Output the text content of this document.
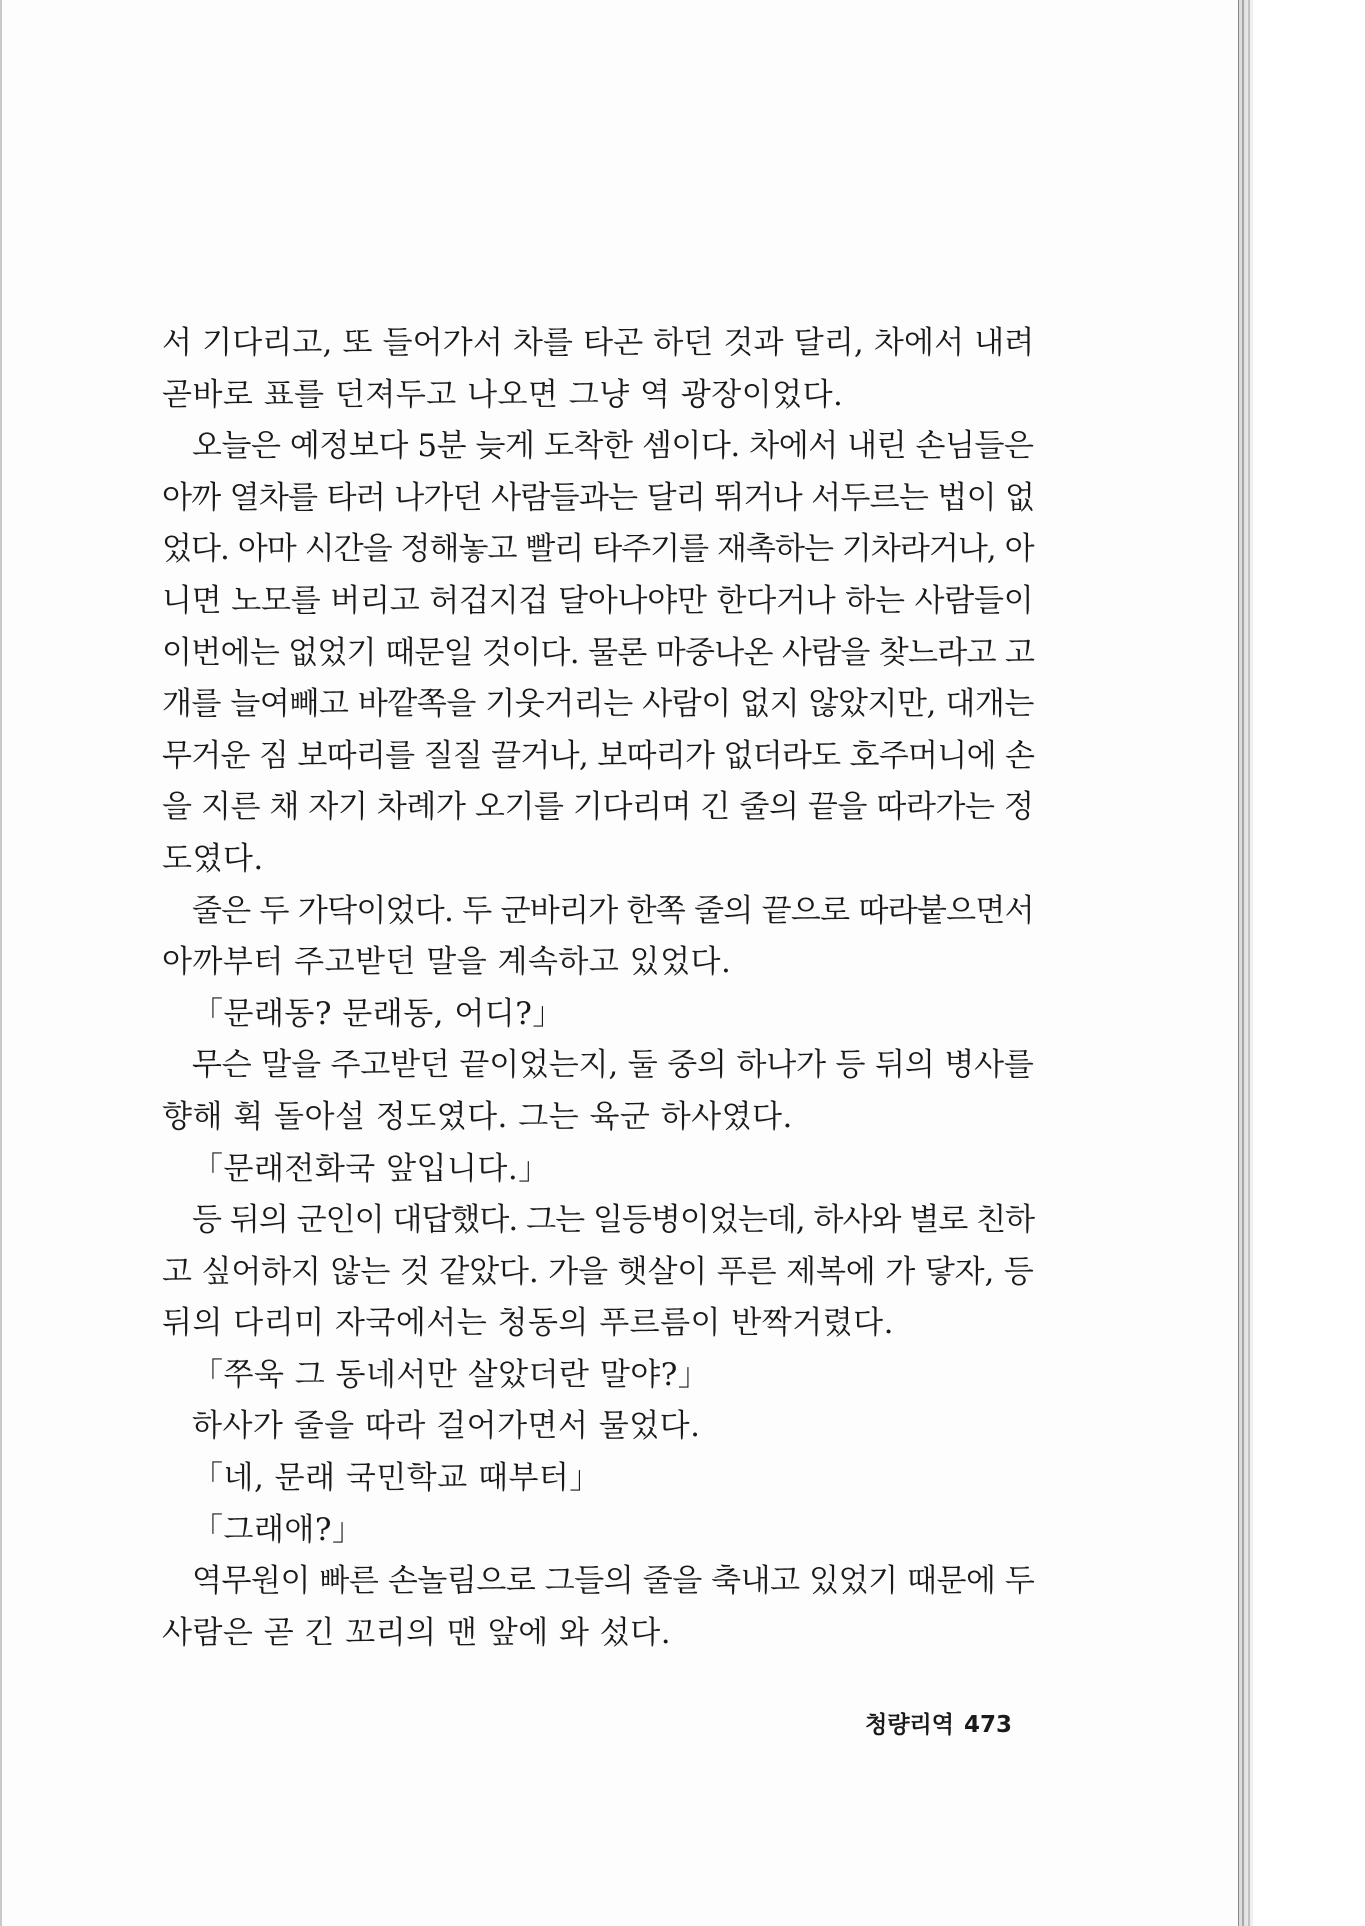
서 기다리고, 또 들어가서 차를 타곤 하던 것과 달리, 차에서 내려
곧바로 표를 던져두고 나오면 그냥 역 광장이었다.
오늘은 예정보다 5분 늦게 도착한 셈이다. 차에서 내린 손님들은
아까 열차를 타러 나가던 사람들과는 달리 뛰거나 서두르는 법이 없
었다. 아마 시간을 정해놓고 빨리 타주기를 재촉하는 기차라거나, 아
니면 노모를 버리고 허겁지겁 달아나야만 한다거나 하는 사람들이
이번에는 없었기 때문일 것이다. 물론 마중나온 사람을 찾느라고 고
개를 늘여빼고 바깥쪽을 기웃거리는 사람이 없지 않았지만, 대개는
무거운 짐 보따리를 질질 끌거나, 보따리가 없더라도 호주머니에 손
을 지른 채 자기 차례가 오기를 기다리며 긴 줄의 끝을 따라가는 정
도였다.
줄은 두 가닥이었다. 두 군바리가 한쪽 줄의 끝으로 따라붙으면서
아까부터 주고받던 말을 계속하고 있었다.
「문래동? 문래동, 어디?」
무슨 말을 주고받던 끝이었는지, 둘 중의 하나가 등 뒤의 병사를
향해 휙 돌아설 정도였다. 그는 육군 하사였다.
「문래전화국 앞입니다.」
등 뒤의 군인이 대답했다. 그는 일등병이었는데, 하사와 별로 친하
고 싶어하지 않는 것 같았다. 가을 햇살이 푸른 제복에 가 닿자, 등
뒤의 다리미 자국에서는 청동의 푸르름이 반짝거렸다.
「쭈욱 그 동네서만 살았더란 말야?」
하사가 줄을 따라 걸어가면서 물었다.
「네, 문래 국민학교 때부터」
「그래애?」
역무원이 빠른 손놀림으로 그들의 줄을 축내고 있었기 때문에 두
사람은 곧 긴 꼬리의 맨 앞에 와 섰다.
청량리역 473
